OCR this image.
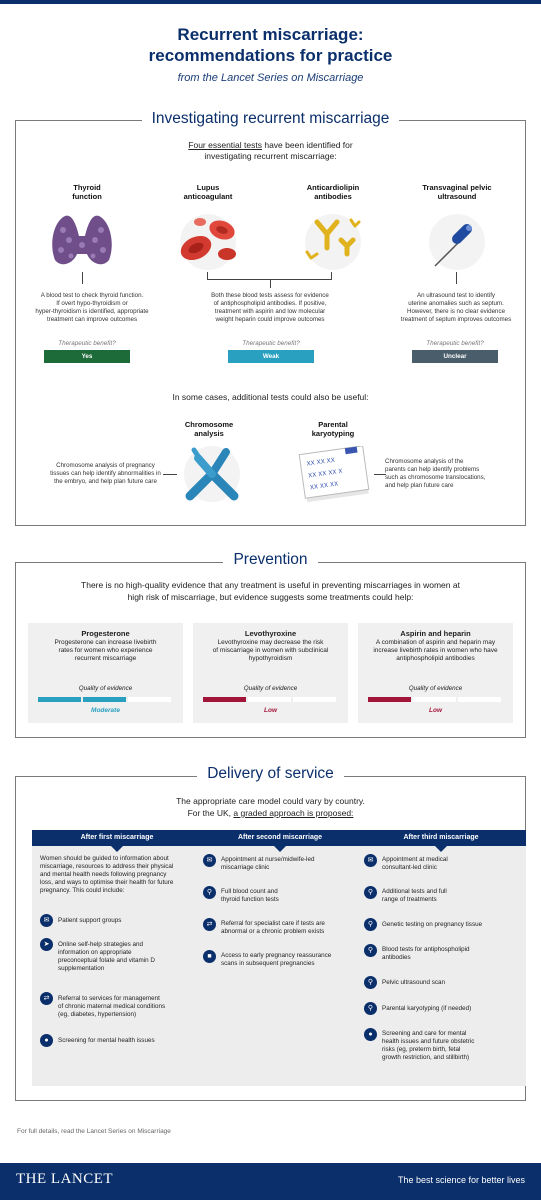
Recurrent miscarriage:
recommendations for practice
from the Lancet Series on Miscarriage
Investigating recurrent miscarriage
Four essential tests have been identified for
investigating recurrent miscarriage:
Thyroid
function
Lupus
anticoagulant
Anticardiolipin
antibodies
Transvaginal pelvic
ultrasound
A blood test to check thyroid function.
If overt hypo-thyroidism or
hyper-thyroidism is identified, appropriate
treatment can improve outcomes
Both these blood tests assess for evidence
of antiphospholipid antibodies. If positive,
treatment with aspirin and low molecular
weight heparin could improve outcomes
An ultrasound test to identify
uterine anomalies such as septum.
However, there is no clear evidence
treatment of septum improves outcomes
Therapeutic benefit?	Therapeutic benefit?	Therapeutic benefit?
Yes	Weak	Unclear
In some cases, additional tests could also be useful:
Chromosome
analysis
Parental
karyotyping
Chromosome analysis of pregnancy
tissues can help identify abnormalities in
the embryo, and help plan future care
XX XX XX
XX XX XX X
XX XX XX
Chromosome analysis of the
parents can help identify problems
such as chromosome translocations,
and help plan future care
Prevention
There is no high-quality evidence that any treatment is useful in preventing miscarriages in women at
high risk of miscarriage, but evidence suggests some treatments could help:
Progesterone
Progesterone can increase livebirth
rates for women who experience
recurrent miscarriage
Quality of evidence
Moderate
Levothyroxine
Levothyroxine may decrease the risk
of miscarriage in women with subclinical
hypothyroidism
Quality of evidence
Low
Aspirin and heparin
A combination of aspirin and heparin may
increase livebirth rates in women who have
antiphospholipid antibodies
Quality of evidence
Low
Delivery of service
The appropriate care model could vary by country.
For the UK, a graded approach is proposed:
After first miscarriage
Women should be guided to information about
miscarriage, resources to address their physical
and mental health needs following pregnancy
loss, and ways to optimise their health for future
pregnancy. This could include:
✉	Patient support groups
➤	Online self-help strategies and
information on appropriate
preconceptual folate and vitamin D
supplementation
⇄	Referral to services for management
of chronic maternal medical conditions
(eg, diabetes, hypertension)
●	Screening for mental health issues
After second miscarriage
✉	Appointment at nurse/midwife-led
miscarriage clinic
⚲	Full blood count and
thyroid function tests
⇄	Referral for specialist care if tests are
abnormal or a chronic problem exists
■	Access to early pregnancy reassurance
scans in subsequent pregnancies
After third miscarriage
✉	Appointment at medical
consultant-led clinic
⚲	Additional tests and full
range of treatments
⚲	Genetic testing on pregnancy tissue
⚲	Blood tests for antiphospholipid
antibodies
⚲	Pelvic ultrasound scan
⚲	Parental karyotyping (if needed)
●	Screening and care for mental
health issues and future obstetric
risks (eg, preterm birth, fetal
growth restriction, and stillbirth)
For full details, read the Lancet Series on Miscarriage
THE LANCET	The best science for better lives
